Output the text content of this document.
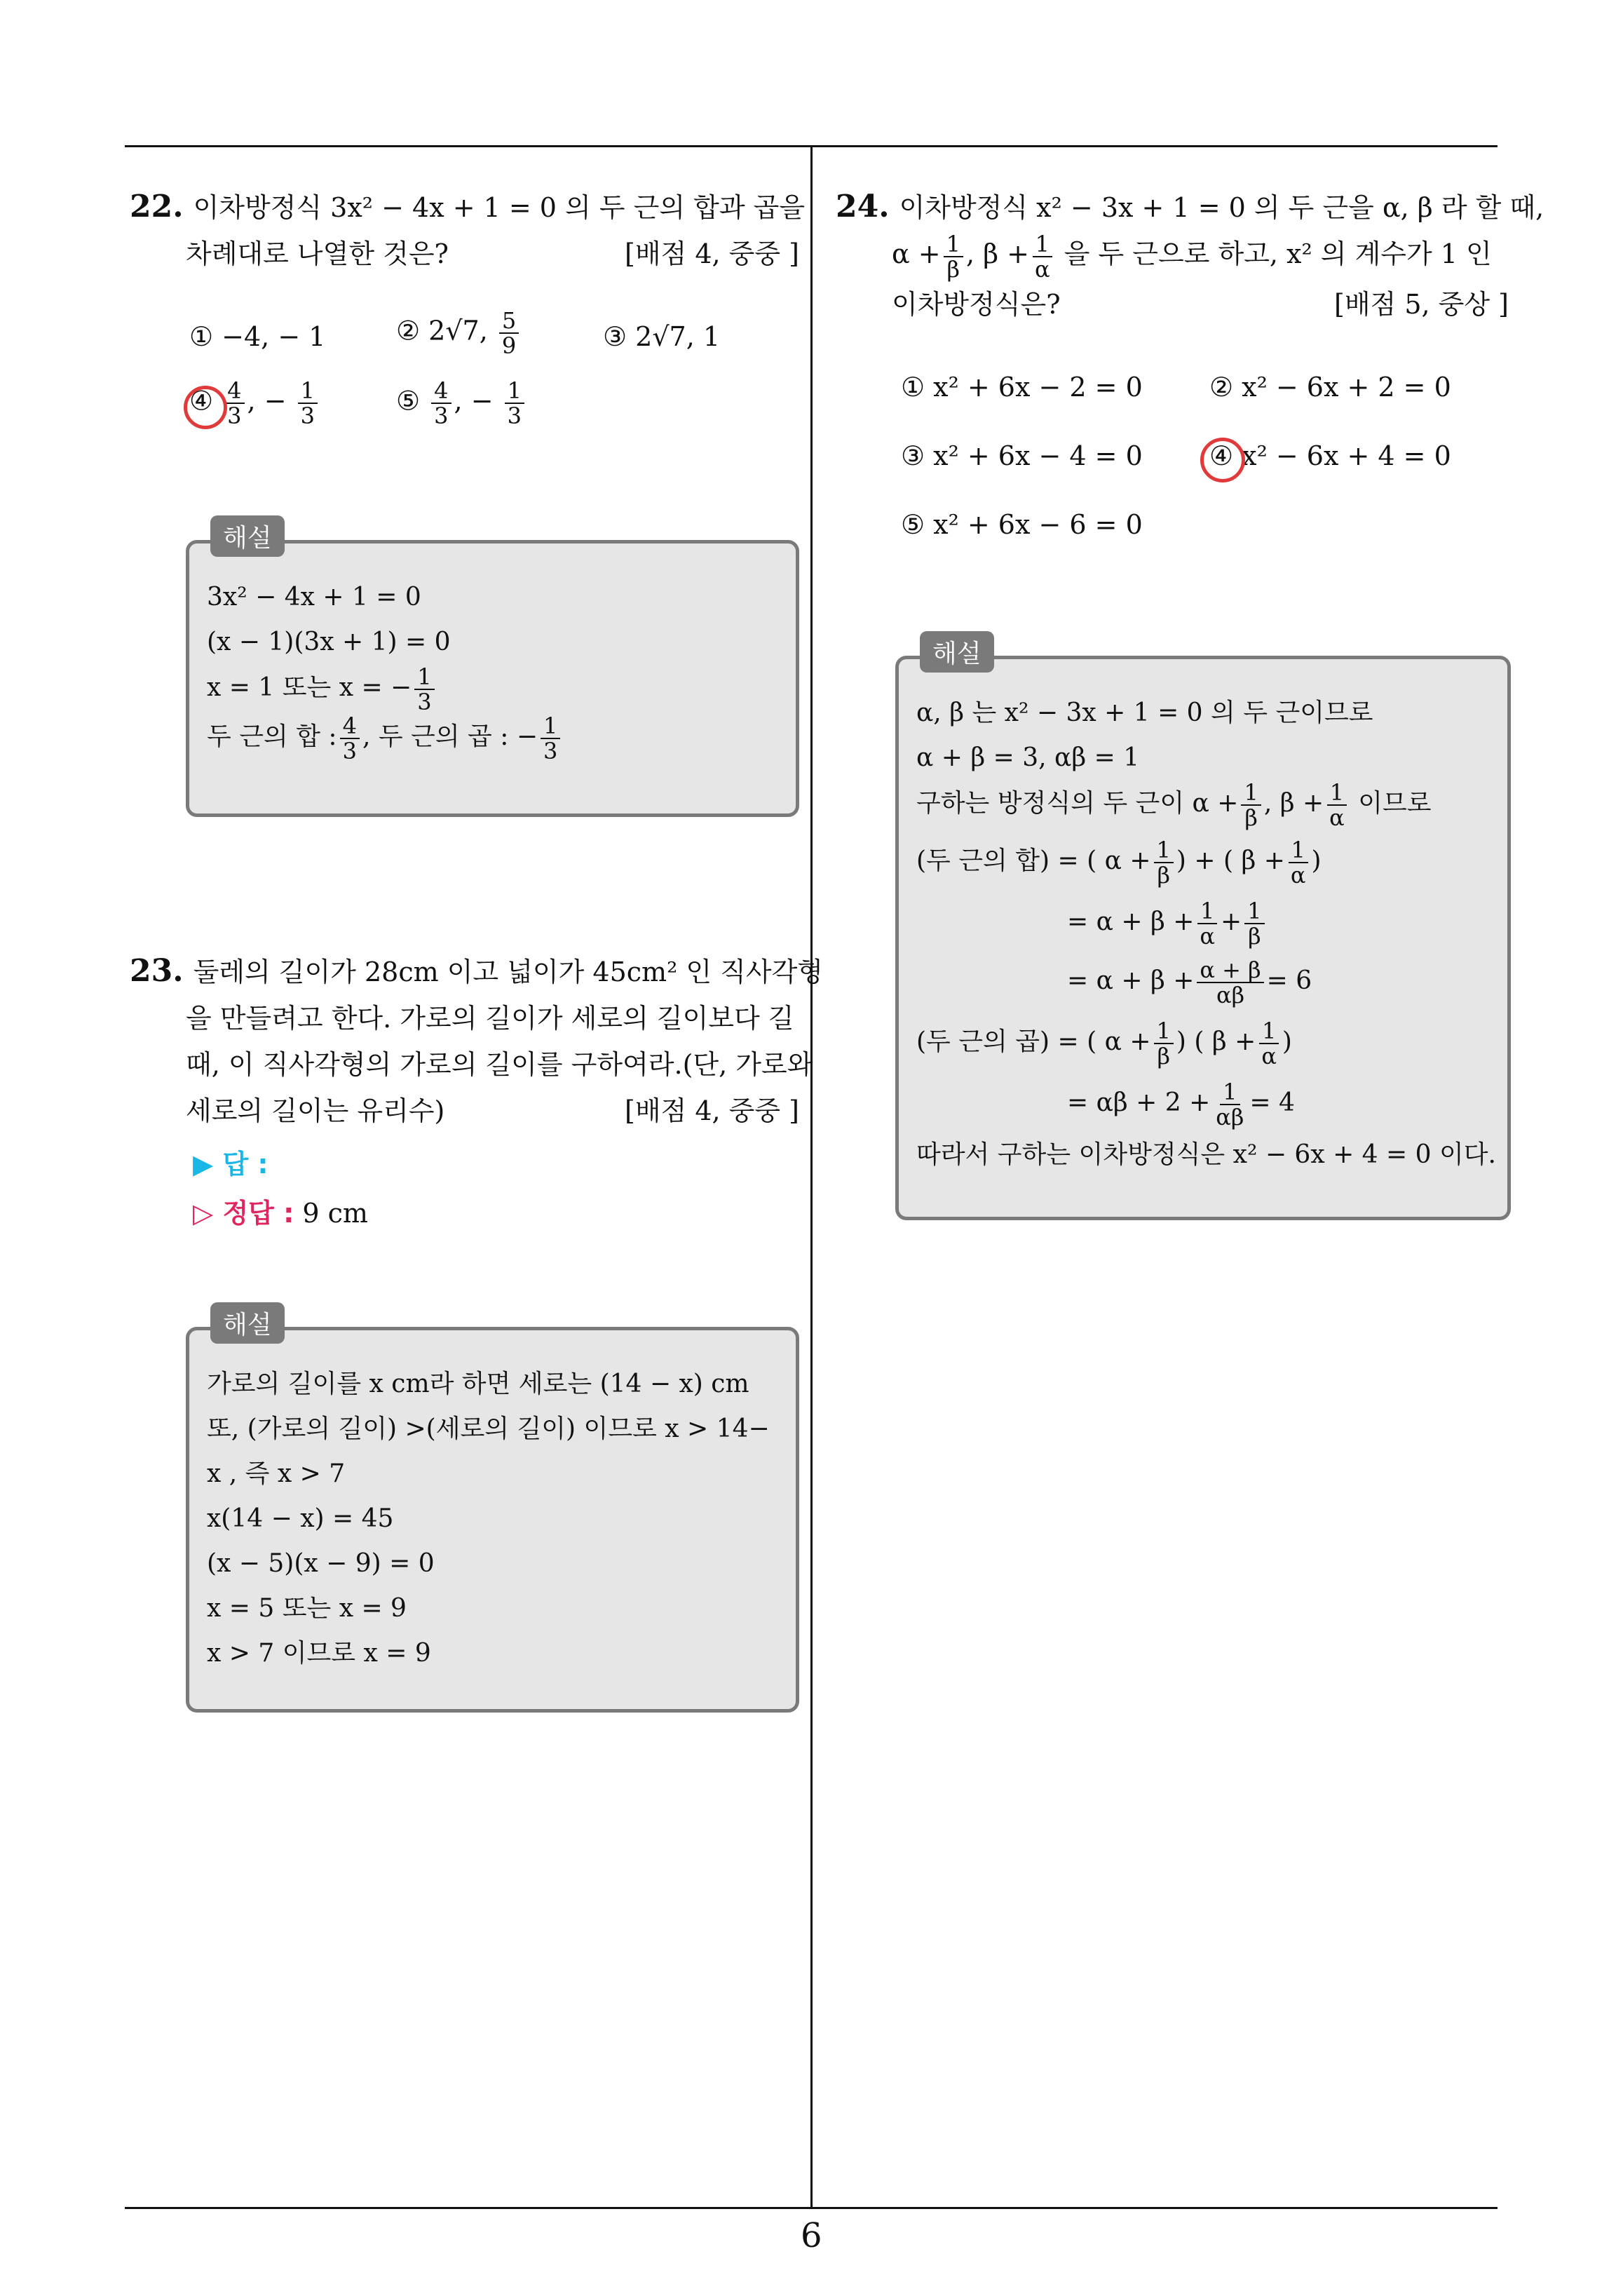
6
22. 이차방정식 3x² − 4x + 1 = 0 의 두 근의 합과 곱을
차례대로 나열한 것은?	[배점 4, 중중 ]
① −4, − 1	② 2√7, $\frac{5}{9}$	③ 2√7, 1
④ $\frac{4}{3}$ , − $\frac{1}{3}$	⑤ $\frac{4}{3}$ , − $\frac{1}{3}$
3x² − 4x + 1 = 0
(x − 1)(3x + 1) = 0
x = 1 또는 x = − $\frac{1}{3}$
두 근의 합 : $\frac{4}{3}$ , 두 근의 곱 : − $\frac{1}{3}$
해설
23. 둘레의 길이가 28cm 이고 넓이가 45cm² 인 직사각형
을 만들려고 한다. 가로의 길이가 세로의 길이보다 길
때, 이 직사각형의 가로의 길이를 구하여라.(단, 가로와
세로의 길이는 유리수)	[배점 4, 중중 ]
▶ 답 :
▷ 정답 : 9 cm
가로의 길이를 x cm라 하면 세로는 (14 − x) cm
또, (가로의 길이) >(세로의 길이) 이므로 x > 14−
x , 즉 x > 7
x(14 − x) = 45
(x − 5)(x − 9) = 0
x = 5 또는 x = 9
x > 7 이므로 x = 9
해설
24. 이차방정식 x² − 3x + 1 = 0 의 두 근을 α, β 라 할 때,
$\alpha + \frac{1}{\beta}$ , $\beta + \frac{1}{\alpha}$ 을 두 근으로 하고, x² 의 계수가 1 인
이차방정식은?	[배점 5, 중상 ]
① x² + 6x − 2 = 0	② x² − 6x + 2 = 0
③ x² + 6x − 4 = 0	④ x² − 6x + 4 = 0
⑤ x² + 6x − 6 = 0
α, β 는 x² − 3x + 1 = 0 의 두 근이므로
α + β = 3, αβ = 1
구하는 방정식의 두 근이 $\alpha + \frac{1}{\beta}$ , $\beta + \frac{1}{\alpha}$ 이므로
(두 근의 합) = ( $\alpha + \frac{1}{\beta}$ ) + ( $\beta + \frac{1}{\alpha}$ )
= $\alpha + \beta + \frac{1}{\alpha} + \frac{1}{\beta}$
= $\alpha + \beta + \frac{\alpha + \beta}{\alpha\beta} = 6$
(두 근의 곱) = ( $\alpha + \frac{1}{\beta}$ ) ( $\beta + \frac{1}{\alpha}$ )
= $\alpha\beta + 2 + \frac{1}{\alpha\beta} = 4$
따라서 구하는 이차방정식은 x² − 6x + 4 = 0 이다.
해설
